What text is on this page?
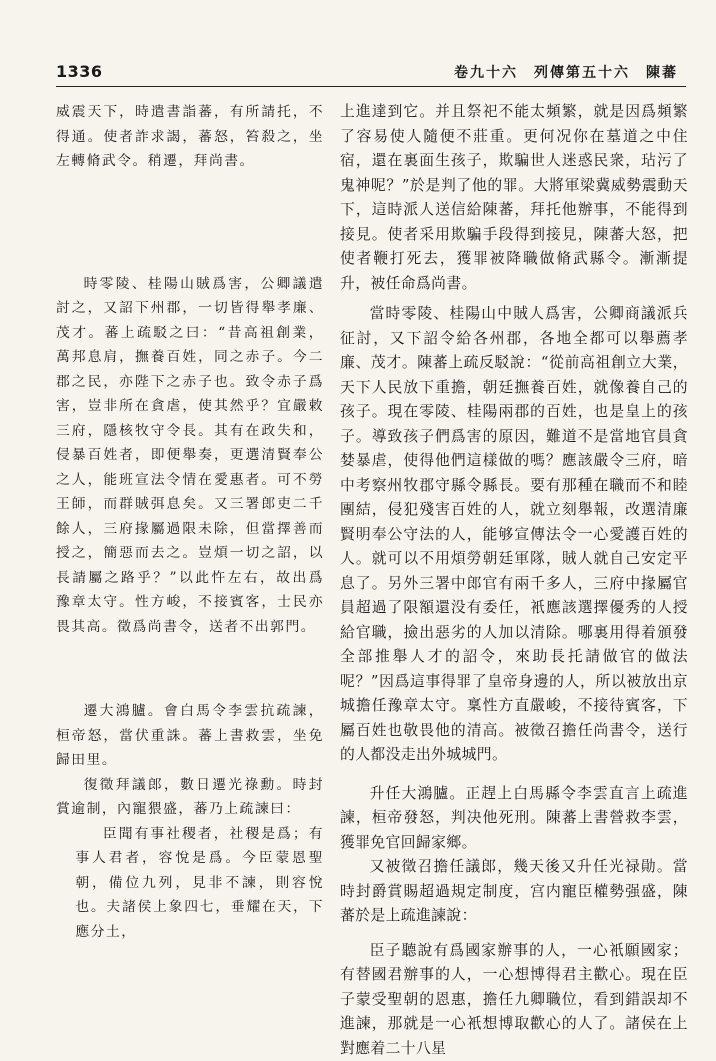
1336	卷九十六　列傳第五十六　陳蕃

威震天下，時遣書詣蕃，有所請托，不得通。使者詐求謁，蕃怒，笞殺之，坐左轉脩武令。稍遷，拜尚書。

時零陵、桂陽山賊爲害，公卿議遣討之，又詔下州郡，一切皆得舉孝廉、茂才。蕃上疏駁之曰：“昔高祖創業，萬邦息肩，撫養百姓，同之赤子。今二郡之民，亦陛下之赤子也。致令赤子爲害，豈非所在貪虐，使其然乎？宜嚴敕三府，隱核牧守令長。其有在政失和，侵暴百姓者，即便舉奏，更選清賢奉公之人，能班宣法令情在愛惠者。可不勞王師，而群賊弭息矣。又三署郎吏二千餘人，三府掾屬過限未除，但當擇善而授之，簡惡而去之。豈煩一切之詔，以長請屬之路乎？”以此忤左右，故出爲豫章太守。性方峻，不接賓客，士民亦畏其高。徵爲尚書令，送者不出郭門。

遷大鴻臚。會白馬令李雲抗疏諫，桓帝怒，當伏重誅。蕃上書救雲，坐免歸田里。

復徵拜議郎，數日遷光祿勳。時封賞逾制，內寵猥盛，蕃乃上疏諫曰：

臣聞有事社稷者，社稷是爲；有事人君者，容悅是爲。今臣蒙恩聖朝，備位九列，見非不諫，則容悅也。夫諸侯上象四七，垂耀在天，下應分土，

上進達到它。并且祭祀不能太頻繁，就是因爲頻繁了容易使人隨便不莊重。更何况你在墓道之中住宿，還在裏面生孩子，欺騙世人迷惑民衆，玷污了鬼神呢？”於是判了他的罪。大將軍梁冀威勢震動天下，這時派人送信給陳蕃，拜托他辦事，不能得到接見。使者采用欺騙手段得到接見，陳蕃大怒，把使者鞭打死去，獲罪被降職做脩武縣令。漸漸提升，被任命爲尚書。

當時零陵、桂陽山中賊人爲害，公卿商議派兵征討，又下詔令給各州郡，各地全都可以舉薦孝廉、茂才。陳蕃上疏反駁說：“從前高祖創立大業，天下人民放下重擔，朝廷撫養百姓，就像養自己的孩子。現在零陵、桂陽兩郡的百姓，也是皇上的孩子。導致孩子們爲害的原因，難道不是當地官員貪婪暴虐，使得他們這樣做的嗎？應該嚴令三府，暗中考察州牧郡守縣令縣長。要有那種在職而不和睦團結，侵犯殘害百姓的人，就立刻舉報，改選清廉賢明奉公守法的人，能够宣傳法令一心愛護百姓的人。就可以不用煩勞朝廷軍隊，賊人就自己安定平息了。另外三署中郎官有兩千多人，三府中掾屬官員超過了限額還没有委任，衹應該選擇優秀的人授給官職，撿出惡劣的人加以清除。哪裏用得着頒發全部推舉人才的詔令，來助長托請做官的做法呢？”因爲這事得罪了皇帝身邊的人，所以被放出京城擔任豫章太守。稟性方直嚴峻，不接待賓客，下屬百姓也敬畏他的清高。被徵召擔任尚書令，送行的人都没走出外城城門。

升任大鴻臚。正趕上白馬縣令李雲直言上疏進諫，桓帝發怒，判决他死刑。陳蕃上書營救李雲，獲罪免官回歸家鄉。

又被徵召擔任議郎，幾天後又升任光禄勛。當時封爵賞賜超過規定制度，宫内寵臣權勢强盛，陳蕃於是上疏進諫說：

臣子聽說有爲國家辦事的人，一心衹願國家；有替國君辦事的人，一心想博得君主歡心。現在臣子蒙受聖朝的恩惠，擔任九卿職位，看到錯誤却不進諫，那就是一心衹想博取歡心的人了。諸侯在上對應着二十八星
